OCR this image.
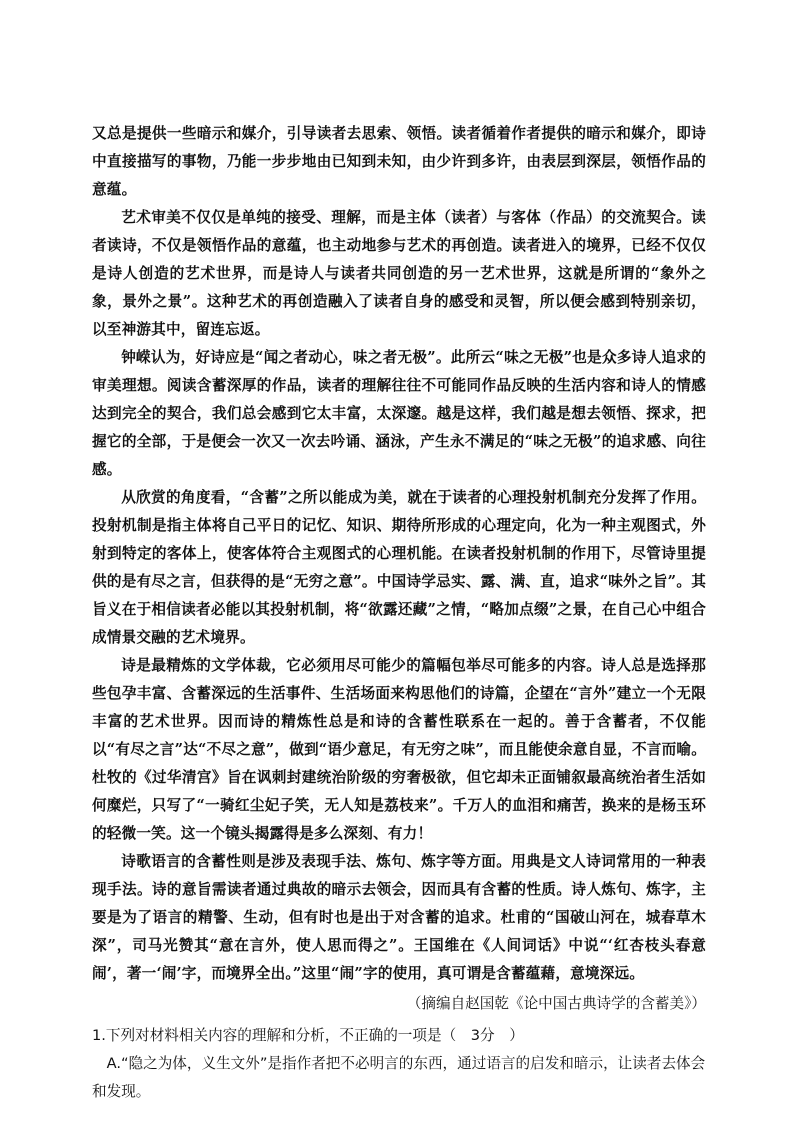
又总是提供一些暗示和媒介，引导读者去思索、领悟。读者循着作者提供的暗示和媒介，即诗中直接描写的事物，乃能一步步地由已知到未知，由少许到多许，由表层到深层，领悟作品的意蕴。

艺术审美不仅仅是单纯的接受、理解，而是主体（读者）与客体（作品）的交流契合。读者读诗，不仅是领悟作品的意蕴，也主动地参与艺术的再创造。读者进入的境界，已经不仅仅是诗人创造的艺术世界，而是诗人与读者共同创造的另一艺术世界，这就是所谓的“象外之象，景外之景”。这种艺术的再创造融入了读者自身的感受和灵智，所以便会感到特别亲切，以至神游其中，留连忘返。

钟嵘认为，好诗应是“闻之者动心，味之者无极”。此所云“味之无极”也是众多诗人追求的审美理想。阅读含蓄深厚的作品，读者的理解往往不可能同作品反映的生活内容和诗人的情感达到完全的契合，我们总会感到它太丰富，太深邃。越是这样，我们越是想去领悟、探求，把握它的全部，于是便会一次又一次去吟诵、涵泳，产生永不满足的“味之无极”的追求感、向往感。

从欣赏的角度看，“含蓄”之所以能成为美，就在于读者的心理投射机制充分发挥了作用。投射机制是指主体将自己平日的记忆、知识、期待所形成的心理定向，化为一种主观图式，外射到特定的客体上，使客体符合主观图式的心理机能。在读者投射机制的作用下，尽管诗里提供的是有尽之言，但获得的是“无穷之意”。中国诗学忌实、露、满、直，追求“味外之旨”。其旨义在于相信读者必能以其投射机制，将“欲露还藏”之情，“略加点缀”之景，在自己心中组合成情景交融的艺术境界。

诗是最精炼的文学体裁，它必须用尽可能少的篇幅包举尽可能多的内容。诗人总是选择那些包孕丰富、含蓄深远的生活事件、生活场面来构思他们的诗篇，企望在“言外”建立一个无限丰富的艺术世界。因而诗的精炼性总是和诗的含蓄性联系在一起的。善于含蓄者，不仅能以“有尽之言”达“不尽之意”，做到“语少意足，有无穷之味”，而且能使余意自显，不言而喻。杜牧的《过华清宫》旨在讽刺封建统治阶级的穷奢极欲，但它却未正面铺叙最高统治者生活如何糜烂，只写了“一骑红尘妃子笑，无人知是荔枝来”。千万人的血泪和痛苦，换来的是杨玉环的轻微一笑。这一个镜头揭露得是多么深刻、有力！

诗歌语言的含蓄性则是涉及表现手法、炼句、炼字等方面。用典是文人诗词常用的一种表现手法。诗的意旨需读者通过典故的暗示去领会，因而具有含蓄的性质。诗人炼句、炼字，主要是为了语言的精警、生动，但有时也是出于对含蓄的追求。杜甫的“国破山河在，城春草木深”，司马光赞其“意在言外，使人思而得之”。王国维在《人间词话》中说“‘红杏枝头春意闹’，著一‘闹’字，而境界全出。”这里“闹”字的使用，真可谓是含蓄蕴藉，意境深远。

（摘编自赵国乾《论中国古典诗学的含蓄美》）

1.下列对材料相关内容的理解和分析，不正确的一项是（　3分　）

A.“隐之为体，义生文外”是指作者把不必明言的东西，通过语言的启发和暗示，让读者去体会和发现。
